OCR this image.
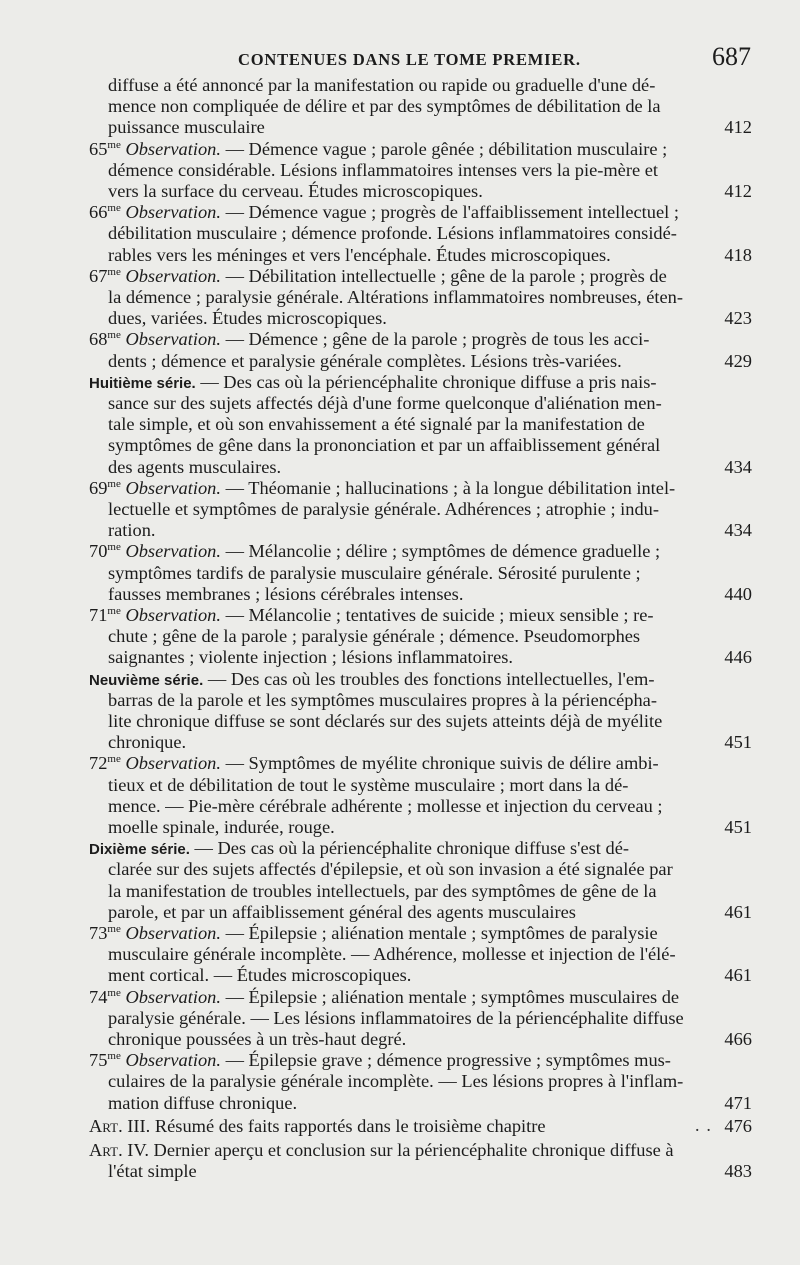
CONTENUES DANS LE TOME PREMIER.	687
diffuse a été annoncé par la manifestation ou rapide ou graduelle d'une dé-
mence non compliquée de délire et par des symptômes de débilitation de la
puissance musculaire	412
$65^{me}$ Observation. — Démence vague ; parole gênée ; débilitation musculaire ;
démence considérable. Lésions inflammatoires intenses vers la pie-mère et
vers la surface du cerveau. Études microscopiques.	412
$66^{me}$ Observation. — Démence vague ; progrès de l'affaiblissement intellectuel ;
débilitation musculaire ; démence profonde. Lésions inflammatoires considé-
rables vers les méninges et vers l'encéphale. Études microscopiques.	418
$67^{me}$ Observation. — Débilitation intellectuelle ; gêne de la parole ; progrès de
la démence ; paralysie générale. Altérations inflammatoires nombreuses, éten-
dues, variées. Études microscopiques.	423
$68^{me}$ Observation. — Démence ; gêne de la parole ; progrès de tous les acci-
dents ; démence et paralysie générale complètes. Lésions très-variées.	429
Huitième série. — Des cas où la périencéphalite chronique diffuse a pris nais-
sance sur des sujets affectés déjà d'une forme quelconque d'aliénation men-
tale simple, et où son envahissement a été signalé par la manifestation de
symptômes de gêne dans la prononciation et par un affaiblissement général
des agents musculaires.	434
$69^{me}$ Observation. — Théomanie ; hallucinations ; à la longue débilitation intel-
lectuelle et symptômes de paralysie générale. Adhérences ; atrophie ; indu-
ration.	434
$70^{me}$ Observation. — Mélancolie ; délire ; symptômes de démence graduelle ;
symptômes tardifs de paralysie musculaire générale. Sérosité purulente ;
fausses membranes ; lésions cérébrales intenses.	440
$71^{me}$ Observation. — Mélancolie ; tentatives de suicide ; mieux sensible ; re-
chute ; gêne de la parole ; paralysie générale ; démence. Pseudomorphes
saignantes ; violente injection ; lésions inflammatoires.	446
Neuvième série. — Des cas où les troubles des fonctions intellectuelles, l'em-
barras de la parole et les symptômes musculaires propres à la périencépha-
lite chronique diffuse se sont déclarés sur des sujets atteints déjà de myélite
chronique.	451
$72^{me}$ Observation. — Symptômes de myélite chronique suivis de délire ambi-
tieux et de débilitation de tout le système musculaire ; mort dans la dé-
mence. — Pie-mère cérébrale adhérente ; mollesse et injection du cerveau ;
moelle spinale, indurée, rouge.	451
Dixième série. — Des cas où la périencéphalite chronique diffuse s'est dé-
clarée sur des sujets affectés d'épilepsie, et où son invasion a été signalée par
la manifestation de troubles intellectuels, par des symptômes de gêne de la
parole, et par un affaiblissement général des agents musculaires	461
$73^{me}$ Observation. — Épilepsie ; aliénation mentale ; symptômes de paralysie
musculaire générale incomplète. — Adhérence, mollesse et injection de l'élé-
ment cortical. — Études microscopiques.	461
$74^{me}$ Observation. — Épilepsie ; aliénation mentale ; symptômes musculaires de
paralysie générale. — Les lésions inflammatoires de la périencéphalite diffuse
chronique poussées à un très-haut degré.	466
$75^{me}$ Observation. — Épilepsie grave ; démence progressive ; symptômes mus-
culaires de la paralysie générale incomplète. — Les lésions propres à l'inflam-
mation diffuse chronique.	471
Art. III. Résumé des faits rapportés dans le troisième chapitre . . .	476
Art. IV. Dernier aperçu et conclusion sur la périencéphalite chronique diffuse à
l'état simple	483
